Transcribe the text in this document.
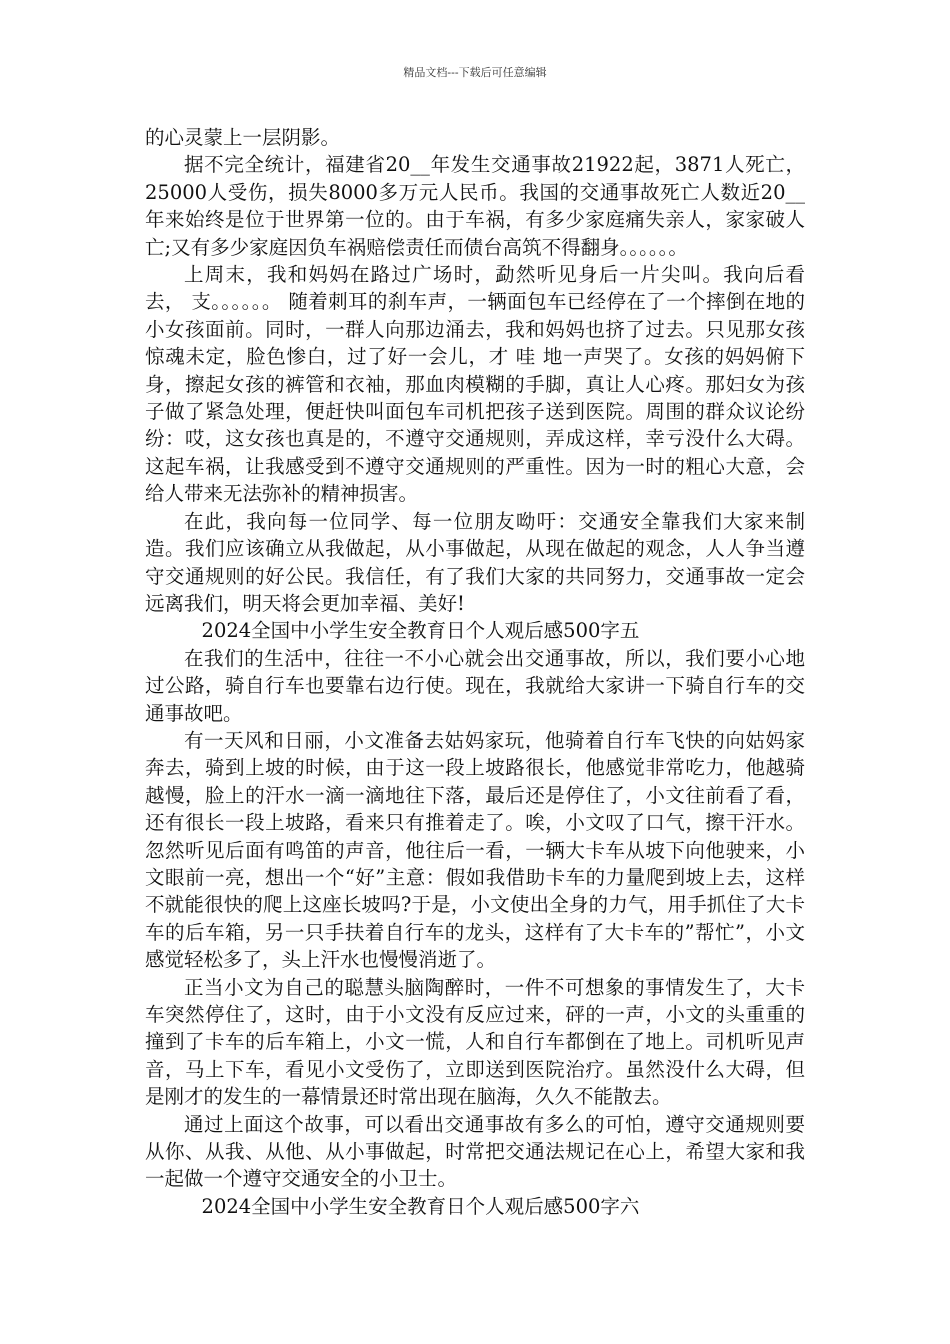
精品文档---下载后可任意编辑

的心灵蒙上一层阴影。

据不完全统计，福建省20__年发生交通事故21922起，3871人死亡，25000人受伤，损失8000多万元人民币。我国的交通事故死亡人数近20__年来始终是位于世界第一位的。由于车祸，有多少家庭痛失亲人，家家破人亡;又有多少家庭因负车祸赔偿责任而债台高筑不得翻身。。。。。。

上周末，我和妈妈在路过广场时，勐然听见身后一片尖叫。我向后看去， 支。。。。。。 随着刺耳的刹车声，一辆面包车已经停在了一个摔倒在地的小女孩面前。同时，一群人向那边涌去，我和妈妈也挤了过去。只见那女孩惊魂未定，脸色惨白，过了好一会儿，才 哇 地一声哭了。女孩的妈妈俯下身，擦起女孩的裤管和衣袖，那血肉模糊的手脚，真让人心疼。那妇女为孩子做了紧急处理，便赶快叫面包车司机把孩子送到医院。周围的群众议论纷纷：哎，这女孩也真是的，不遵守交通规则，弄成这样，幸亏没什么大碍。这起车祸，让我感受到不遵守交通规则的严重性。因为一时的粗心大意，会给人带来无法弥补的精神损害。

在此，我向每一位同学、每一位朋友呦吁：交通安全靠我们大家来制造。我们应该确立从我做起，从小事做起，从现在做起的观念，人人争当遵守交通规则的好公民。我信任，有了我们大家的共同努力，交通事故一定会远离我们，明天将会更加幸福、美好!

2024全国中小学生安全教育日个人观后感500字五

在我们的生活中，往往一不小心就会出交通事故，所以，我们要小心地过公路，骑自行车也要靠右边行使。现在，我就给大家讲一下骑自行车的交通事故吧。

有一天风和日丽，小文准备去姑妈家玩，他骑着自行车飞快的向姑妈家奔去，骑到上坡的时候，由于这一段上坡路很长，他感觉非常吃力，他越骑越慢，脸上的汗水一滴一滴地往下落，最后还是停住了，小文往前看了看，还有很长一段上坡路，看来只有推着走了。唉，小文叹了口气，擦干汗水。忽然听见后面有鸣笛的声音，他往后一看，一辆大卡车从坡下向他驶来，小文眼前一亮，想出一个“好”主意：假如我借助卡车的力量爬到坡上去，这样不就能很快的爬上这座长坡吗?于是，小文使出全身的力气，用手抓住了大卡车的后车箱，另一只手扶着自行车的龙头，这样有了大卡车的”帮忙”，小文感觉轻松多了，头上汗水也慢慢消逝了。

正当小文为自己的聪慧头脑陶醉时，一件不可想象的事情发生了，大卡车突然停住了，这时，由于小文没有反应过来，砰的一声，小文的头重重的撞到了卡车的后车箱上，小文一慌，人和自行车都倒在了地上。司机听见声音，马上下车，看见小文受伤了，立即送到医院治疗。虽然没什么大碍，但是刚才的发生的一幕情景还时常出现在脑海，久久不能散去。

通过上面这个故事，可以看出交通事故有多么的可怕，遵守交通规则要从你、从我、从他、从小事做起，时常把交通法规记在心上，希望大家和我一起做一个遵守交通安全的小卫士。

2024全国中小学生安全教育日个人观后感500字六
